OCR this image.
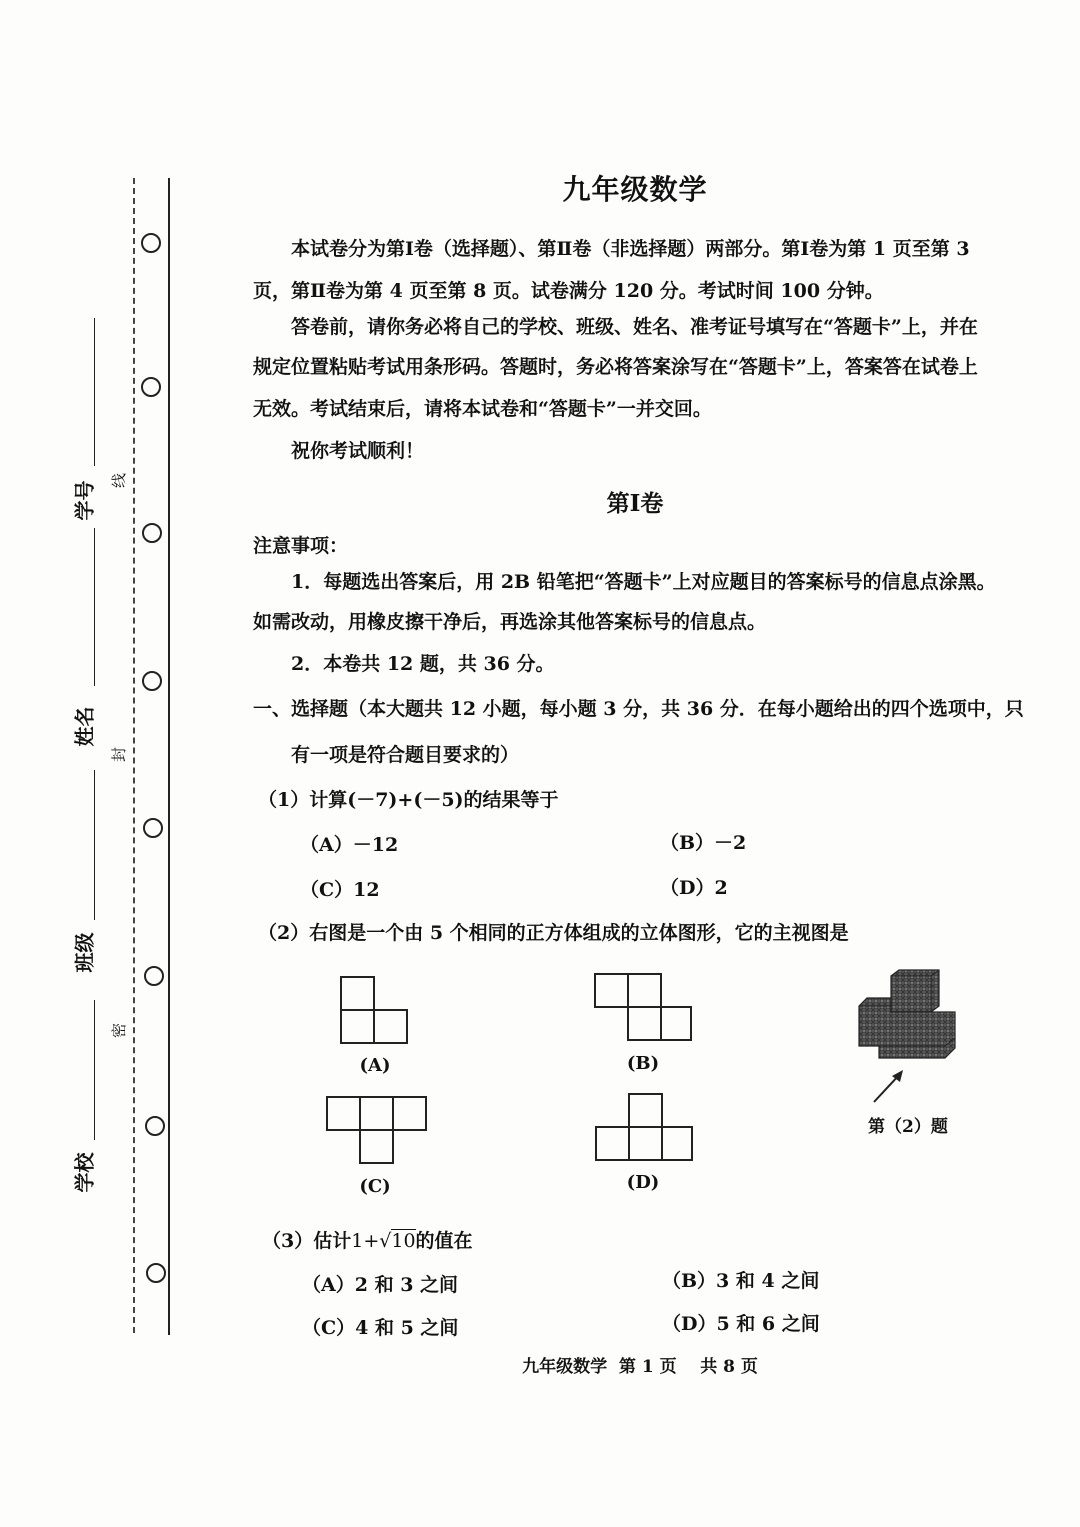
学号
姓名
班级
学校
线
封
密
九年级数学
本试卷分为第Ⅰ卷（选择题）、第Ⅱ卷（非选择题）两部分。第Ⅰ卷为第 1 页至第 3
页，第Ⅱ卷为第 4 页至第 8 页。试卷满分 120 分。考试时间 100 分钟。
答卷前，请你务必将自己的学校、班级、姓名、准考证号填写在“答题卡”上，并在
规定位置粘贴考试用条形码。答题时，务必将答案涂写在“答题卡”上，答案答在试卷上
无效。考试结束后，请将本试卷和“答题卡”一并交回。
祝你考试顺利！
第Ⅰ卷
注意事项：
1．每题选出答案后，用 2B 铅笔把“答题卡”上对应题目的答案标号的信息点涂黑。
如需改动，用橡皮擦干净后，再选涂其他答案标号的信息点。
2．本卷共 12 题，共 36 分。
一、选择题（本大题共 12 小题，每小题 3 分，共 36 分．在每小题给出的四个选项中，只
有一项是符合题目要求的）
（1）计算(－7)+(－5)的结果等于
（A）－12	（B）－2
（C）12	（D）2
（2）右图是一个由 5 个相同的正方体组成的立体图形，它的主视图是
(A)	(B)
(C)	(D)
第（2）题
（3）估计1+√10的值在
（A）2 和 3 之间	（B）3 和 4 之间
（C）4 和 5 之间	（D）5 和 6 之间
九年级数学  第 1 页    共 8 页
